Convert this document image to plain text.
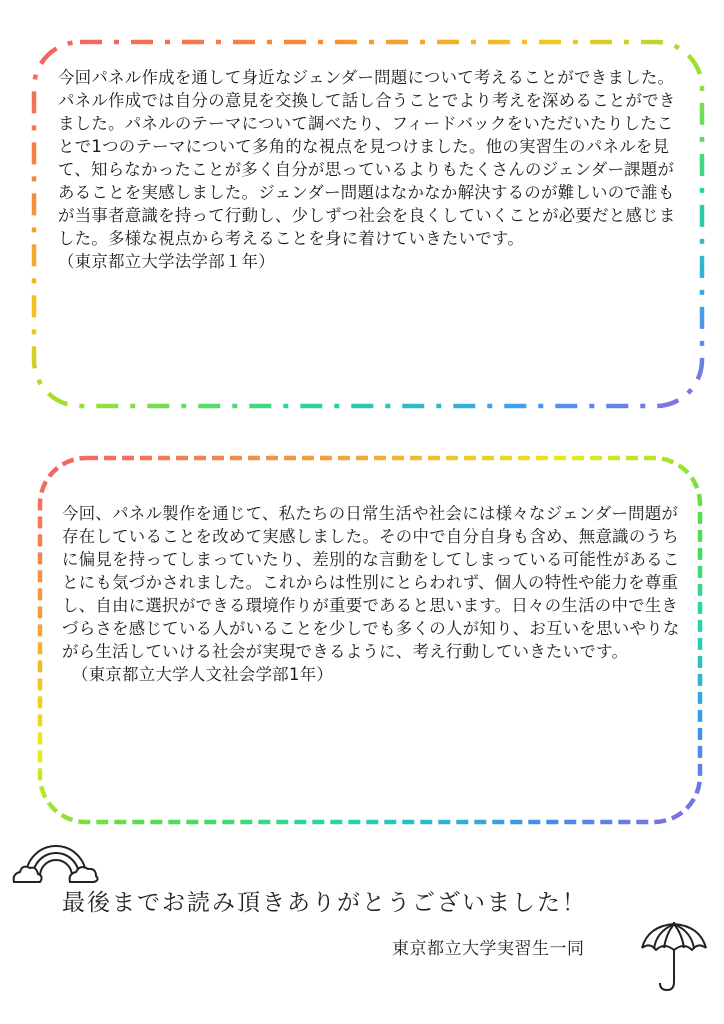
今回パネル作成を通して身近なジェンダー問題について考えることができました。パネル作成では自分の意見を交換して話し合うことでより考えを深めることができました。パネルのテーマについて調べたり、フィードバックをいただいたりしたことで1つのテーマについて多角的な視点を見つけました。他の実習生のパネルを見て、知らなかったことが多く自分が思っているよりもたくさんのジェンダー課題があることを実感しました。ジェンダー問題はなかなか解決するのが難しいので誰もが当事者意識を持って行動し、少しずつ社会を良くしていくことが必要だと感じました。多様な視点から考えることを身に着けていきたいです。

（東京都立大学法学部１年）
今回、パネル製作を通じて、私たちの日常生活や社会には様々なジェンダー問題が存在していることを改めて実感しました。その中で自分自身も含め、無意識のうちに偏見を持ってしまっていたり、差別的な言動をしてしまっている可能性があることにも気づかされました。これからは性別にとらわれず、個人の特性や能力を尊重し、自由に選択ができる環境作りが重要であると思います。日々の生活の中で生きづらさを感じている人がいることを少しでも多くの人が知り、お互いを思いやりながら生活していける社会が実現できるように、考え行動していきたいです。

（東京都立大学人文社会学部1年）
最後までお読み頂きありがとうございました！
東京都立大学実習生一同
